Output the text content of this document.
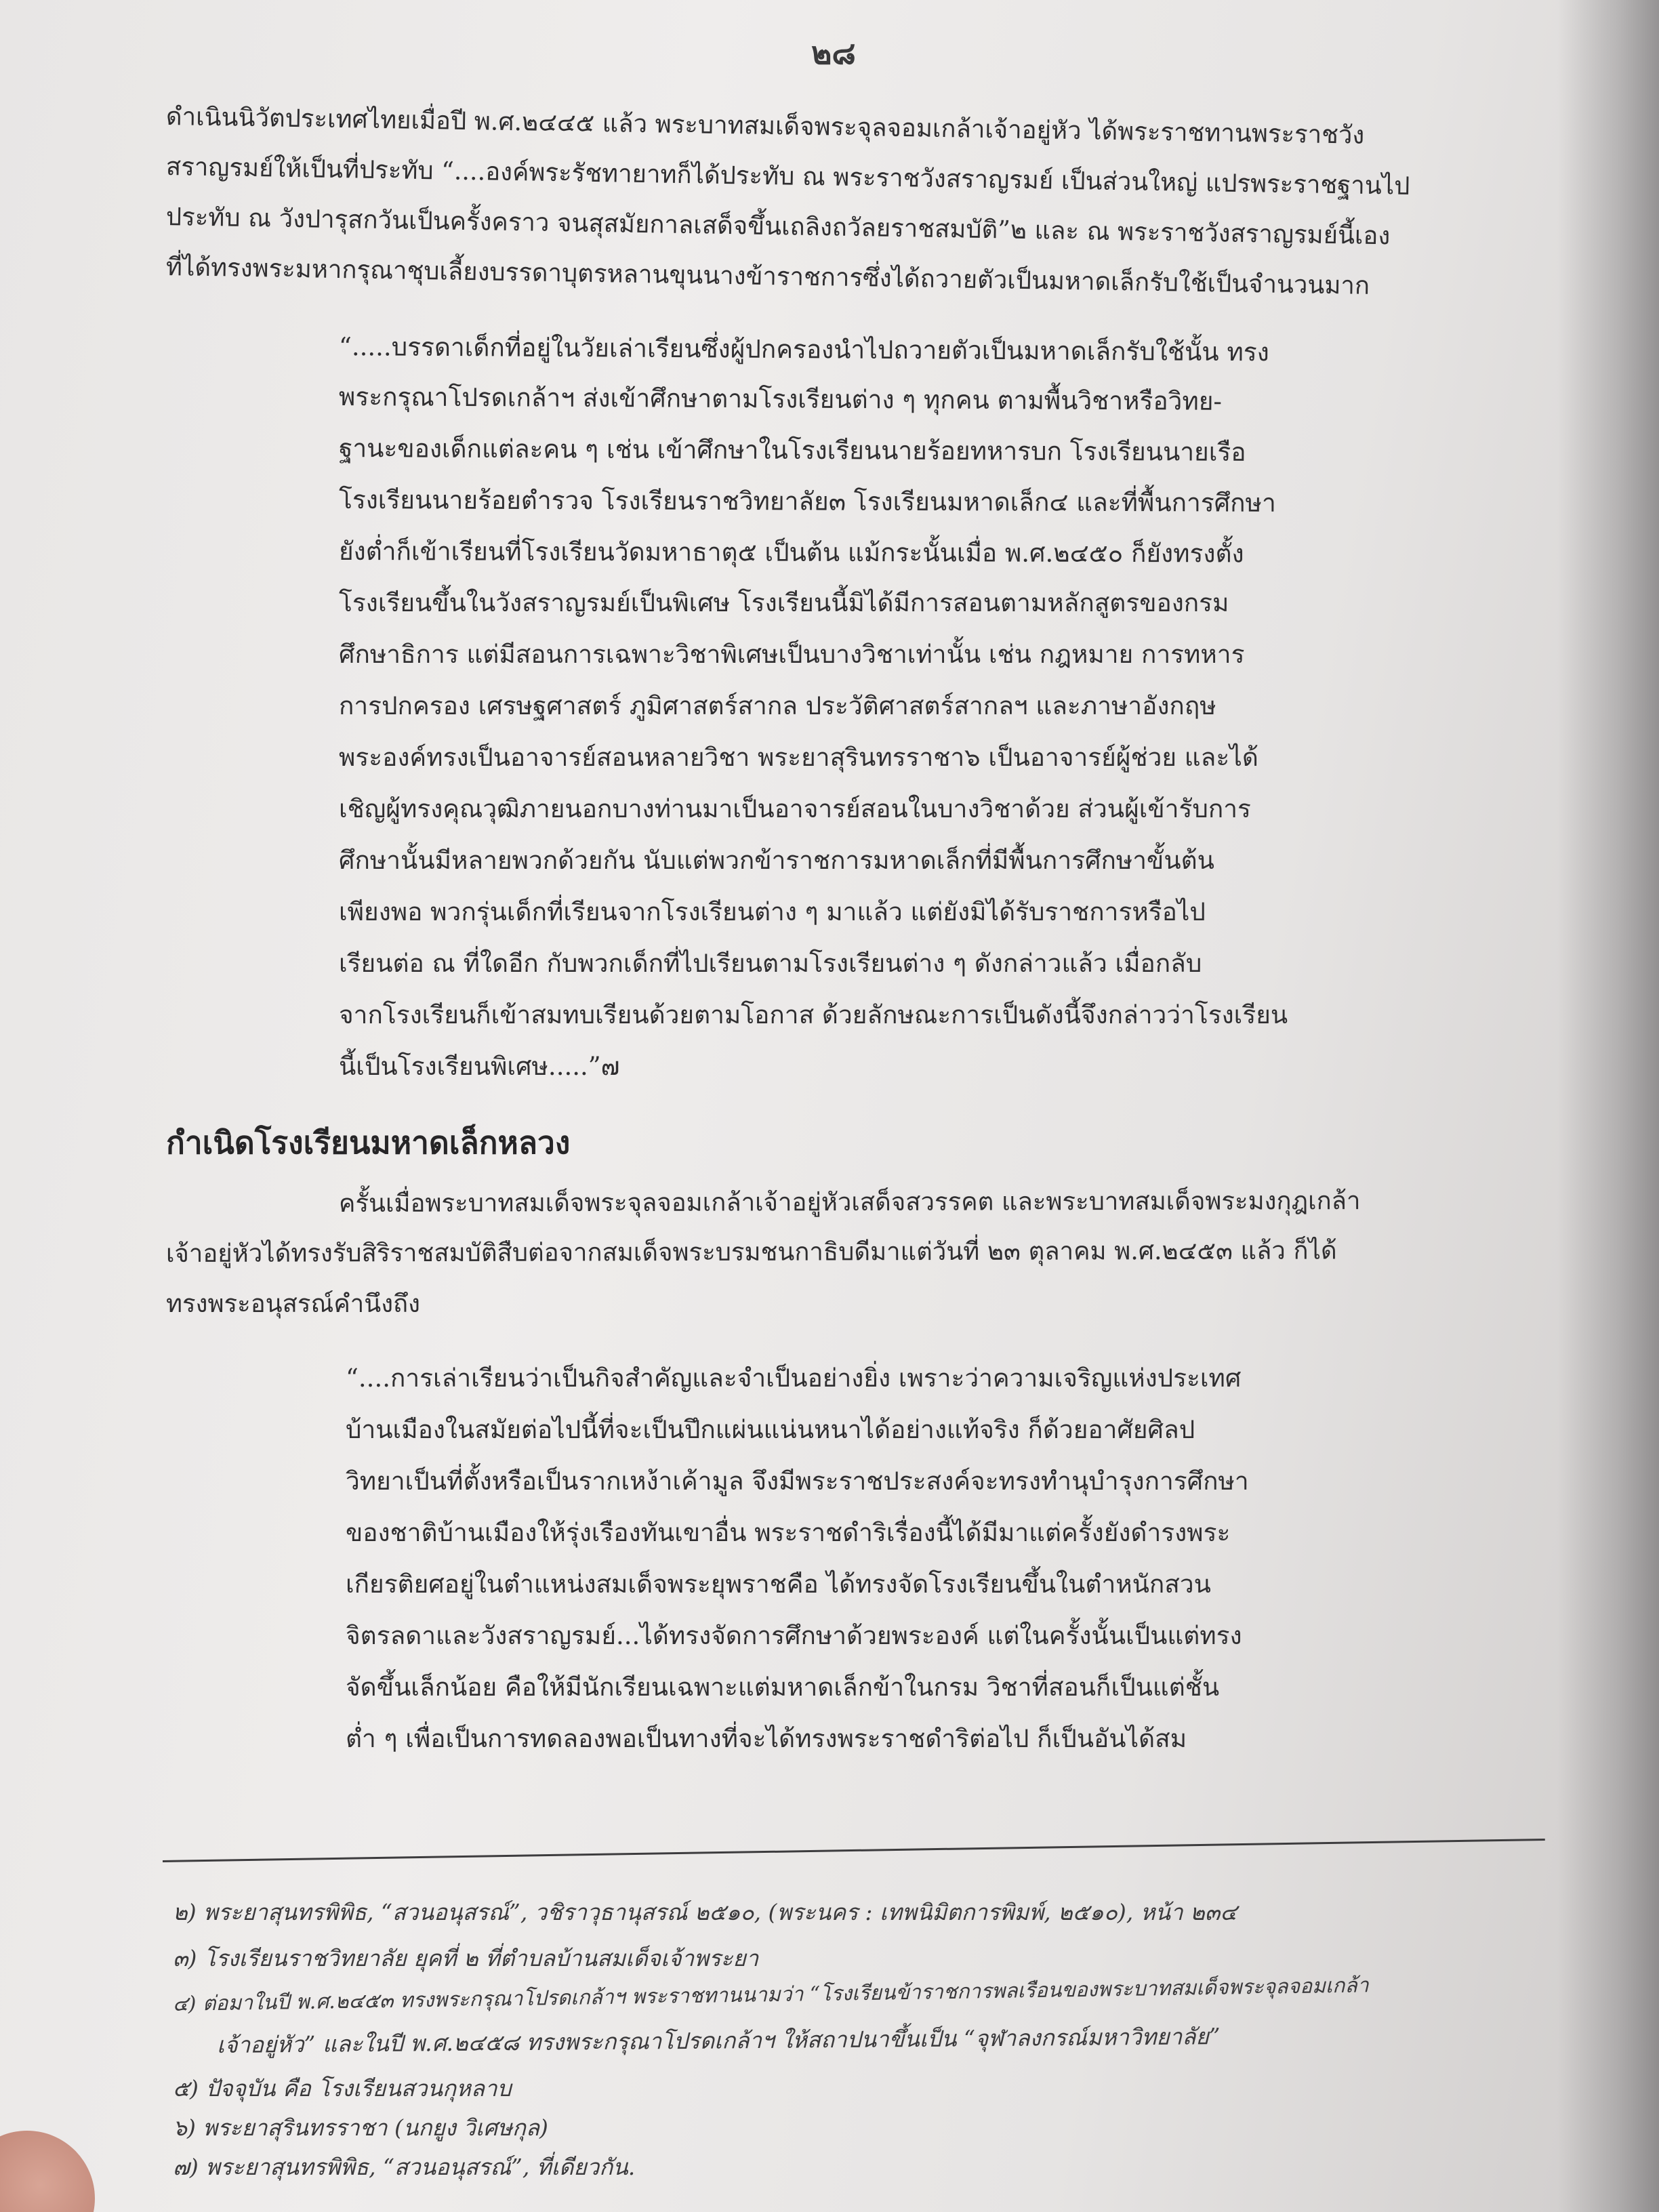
๒๘
ดำเนินนิวัตประเทศไทยเมื่อปี พ.ศ.๒๔๔๕ แล้ว พระบาทสมเด็จพระจุลจอมเกล้าเจ้าอยู่หัว ได้พระราชทานพระราชวัง
สราญรมย์ให้เป็นที่ประทับ “....องค์พระรัชทายาทก็ได้ประทับ ณ พระราชวังสราญรมย์ เป็นส่วนใหญ่ แปรพระราชฐานไป
ประทับ ณ วังปารุสกวันเป็นครั้งคราว จนสุสมัยกาลเสด็จขึ้นเถลิงถวัลยราชสมบัติ”๒ และ ณ พระราชวังสราญรมย์นี้เอง
ที่ได้ทรงพระมหากรุณาชุบเลี้ยงบรรดาบุตรหลานขุนนางข้าราชการซึ่งได้ถวายตัวเป็นมหาดเล็กรับใช้เป็นจำนวนมาก
“.....บรรดาเด็กที่อยู่ในวัยเล่าเรียนซึ่งผู้ปกครองนำไปถวายตัวเป็นมหาดเล็กรับใช้นั้น ทรง
พระกรุณาโปรดเกล้าฯ ส่งเข้าศึกษาตามโรงเรียนต่าง ๆ ทุกคน ตามพื้นวิชาหรือวิทย-
ฐานะของเด็กแต่ละคน ๆ เช่น เข้าศึกษาในโรงเรียนนายร้อยทหารบก โรงเรียนนายเรือ
โรงเรียนนายร้อยตำรวจ โรงเรียนราชวิทยาลัย๓ โรงเรียนมหาดเล็ก๔ และที่พื้นการศึกษา
ยังต่ำก็เข้าเรียนที่โรงเรียนวัดมหาธาตุ๕ เป็นต้น แม้กระนั้นเมื่อ พ.ศ.๒๔๕๐ ก็ยังทรงตั้ง
โรงเรียนขึ้นในวังสราญรมย์เป็นพิเศษ โรงเรียนนี้มิได้มีการสอนตามหลักสูตรของกรม
ศึกษาธิการ แต่มีสอนการเฉพาะวิชาพิเศษเป็นบางวิชาเท่านั้น เช่น กฎหมาย การทหาร
การปกครอง เศรษฐศาสตร์ ภูมิศาสตร์สากล ประวัติศาสตร์สากลฯ และภาษาอังกฤษ
พระองค์ทรงเป็นอาจารย์สอนหลายวิชา พระยาสุรินทรราชา๖ เป็นอาจารย์ผู้ช่วย และได้
เชิญผู้ทรงคุณวุฒิภายนอกบางท่านมาเป็นอาจารย์สอนในบางวิชาด้วย ส่วนผู้เข้ารับการ
ศึกษานั้นมีหลายพวกด้วยกัน นับแต่พวกข้าราชการมหาดเล็กที่มีพื้นการศึกษาขั้นต้น
เพียงพอ พวกรุ่นเด็กที่เรียนจากโรงเรียนต่าง ๆ มาแล้ว แต่ยังมิได้รับราชการหรือไป
เรียนต่อ ณ ที่ใดอีก กับพวกเด็กที่ไปเรียนตามโรงเรียนต่าง ๆ ดังกล่าวแล้ว เมื่อกลับ
จากโรงเรียนก็เข้าสมทบเรียนด้วยตามโอกาส ด้วยลักษณะการเป็นดังนี้จึงกล่าวว่าโรงเรียน
นี้เป็นโรงเรียนพิเศษ.....”๗
กำเนิดโรงเรียนมหาดเล็กหลวง
ครั้นเมื่อพระบาทสมเด็จพระจุลจอมเกล้าเจ้าอยู่หัวเสด็จสวรรคต และพระบาทสมเด็จพระมงกุฎเกล้า
เจ้าอยู่หัวได้ทรงรับสิริราชสมบัติสืบต่อจากสมเด็จพระบรมชนกาธิบดีมาแต่วันที่ ๒๓ ตุลาคม พ.ศ.๒๔๕๓ แล้ว ก็ได้
ทรงพระอนุสรณ์คำนึงถึง
“....การเล่าเรียนว่าเป็นกิจสำคัญและจำเป็นอย่างยิ่ง เพราะว่าความเจริญแห่งประเทศ
บ้านเมืองในสมัยต่อไปนี้ที่จะเป็นปึกแผ่นแน่นหนาได้อย่างแท้จริง ก็ด้วยอาศัยศิลป
วิทยาเป็นที่ตั้งหรือเป็นรากเหง้าเค้ามูล จึงมีพระราชประสงค์จะทรงทำนุบำรุงการศึกษา
ของชาติบ้านเมืองให้รุ่งเรืองทันเขาอื่น พระราชดำริเรื่องนี้ได้มีมาแต่ครั้งยังดำรงพระ
เกียรติยศอยู่ในตำแหน่งสมเด็จพระยุพราชคือ ได้ทรงจัดโรงเรียนขึ้นในตำหนักสวน
จิตรลดาและวังสราญรมย์...ได้ทรงจัดการศึกษาด้วยพระองค์ แต่ในครั้งนั้นเป็นแต่ทรง
จัดขึ้นเล็กน้อย คือให้มีนักเรียนเฉพาะแต่มหาดเล็กข้าในกรม วิชาที่สอนก็เป็นแต่ชั้น
ต่ำ ๆ เพื่อเป็นการทดลองพอเป็นทางที่จะได้ทรงพระราชดำริต่อไป ก็เป็นอันได้สม
๒) พระยาสุนทรพิพิธ, “สวนอนุสรณ์”, วชิราวุธานุสรณ์ ๒๕๑๐, (พระนคร : เทพนิมิตการพิมพ์, ๒๕๑๐), หน้า ๒๓๔
๓) โรงเรียนราชวิทยาลัย ยุคที่ ๒ ที่ตำบลบ้านสมเด็จเจ้าพระยา
๔) ต่อมาในปี พ.ศ.๒๔๕๓ ทรงพระกรุณาโปรดเกล้าฯ พระราชทานนามว่า “โรงเรียนข้าราชการพลเรือนของพระบาทสมเด็จพระจุลจอมเกล้า
เจ้าอยู่หัว” และในปี พ.ศ.๒๔๕๘ ทรงพระกรุณาโปรดเกล้าฯ ให้สถาปนาขึ้นเป็น “จุฬาลงกรณ์มหาวิทยาลัย”
๕) ปัจจุบัน คือ โรงเรียนสวนกุหลาบ
๖) พระยาสุรินทรราชา (นกยูง วิเศษกุล)
๗) พระยาสุนทรพิพิธ, “สวนอนุสรณ์”, ที่เดียวกัน.
